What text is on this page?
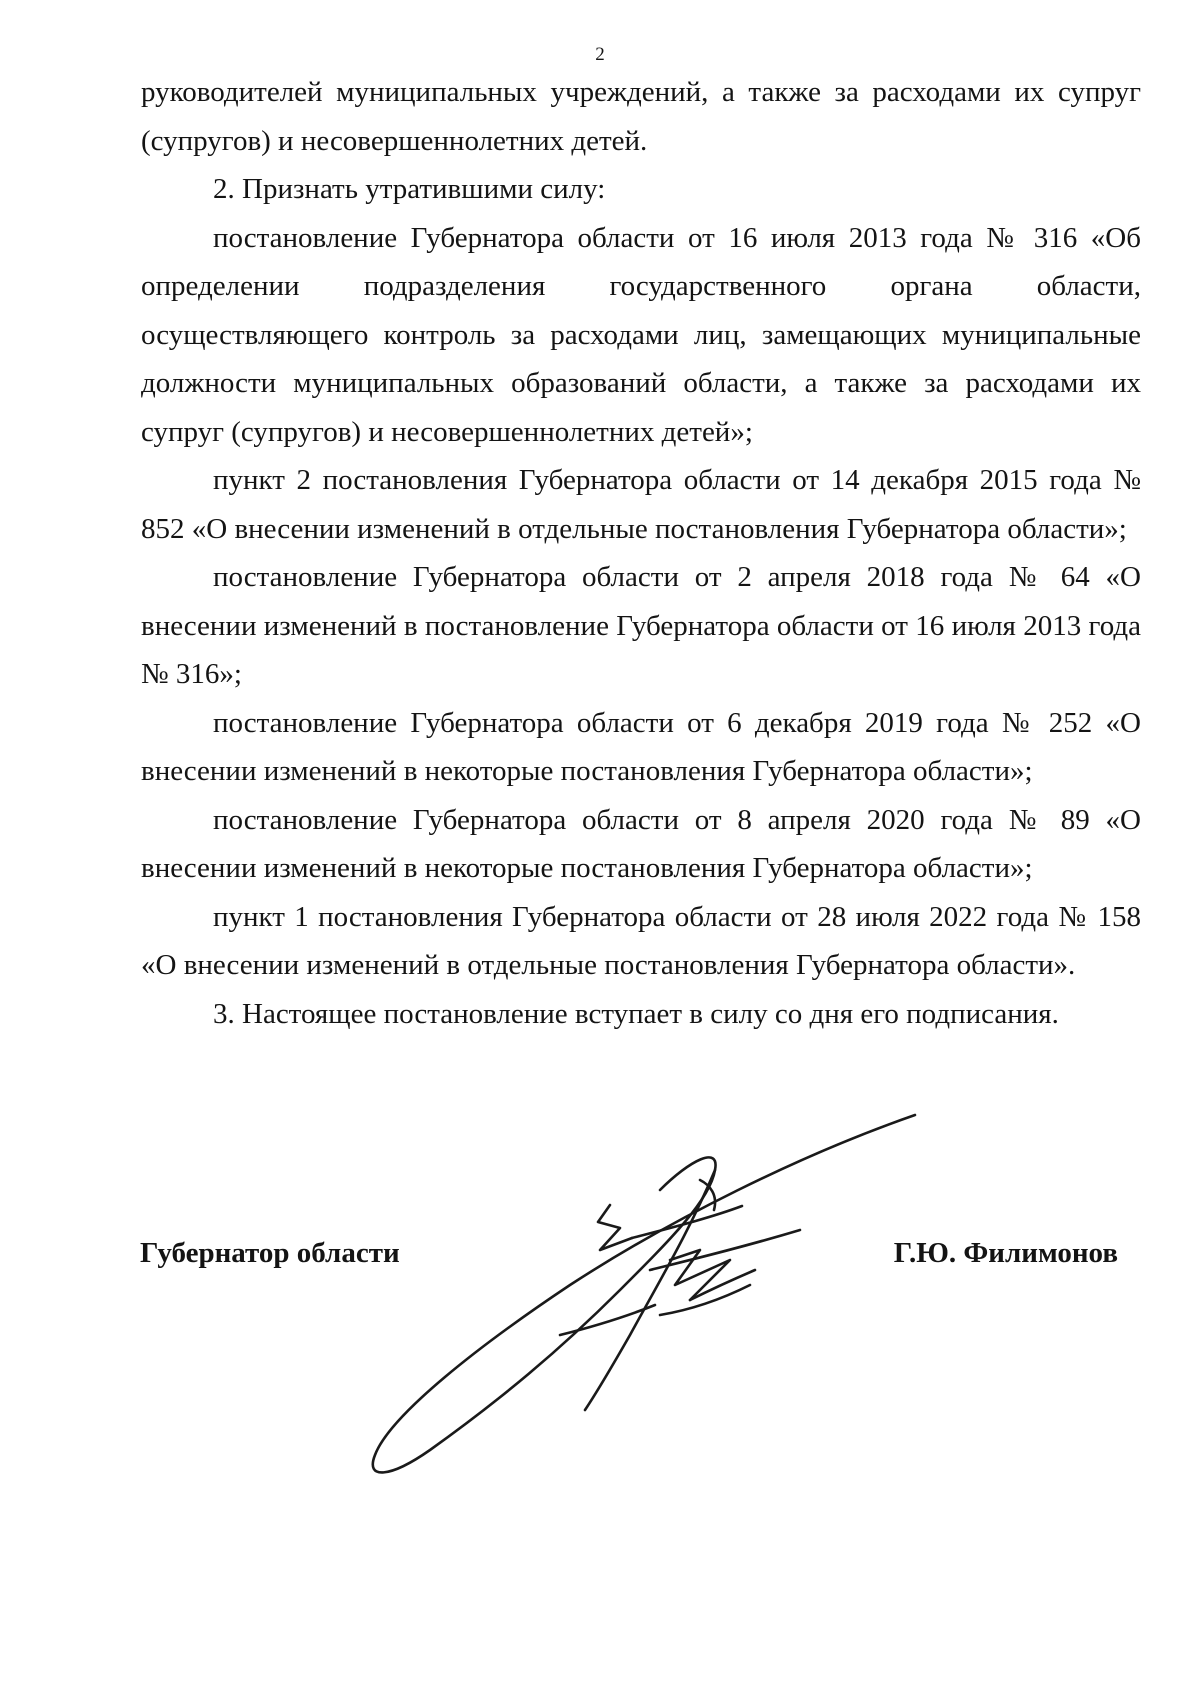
2

руководителей муниципальных учреждений, а также за расходами их супруг (супругов) и несовершеннолетних детей.

2. Признать утратившими силу:

постановление Губернатора области от 16 июля 2013 года № 316 «Об определении подразделения государственного органа области, осуществляющего контроль за расходами лиц, замещающих муниципальные должности муниципальных образований области, а также за расходами их супруг (супругов) и несовершеннолетних детей»;

пункт 2 постановления Губернатора области от 14 декабря 2015 года № 852 «О внесении изменений в отдельные постановления Губернатора области»;

постановление Губернатора области от 2 апреля 2018 года № 64 «О внесении изменений в постановление Губернатора области от 16 июля 2013 года № 316»;

постановление Губернатора области от 6 декабря 2019 года № 252 «О внесении изменений в некоторые постановления Губернатора области»;

постановление Губернатора области от 8 апреля 2020 года № 89 «О внесении изменений в некоторые постановления Губернатора области»;

пункт 1 постановления Губернатора области от 28 июля 2022 года № 158 «О внесении изменений в отдельные постановления Губернатора области».

3. Настоящее постановление вступает в силу со дня его подписания.

Губернатор области	Г.Ю. Филимонов
